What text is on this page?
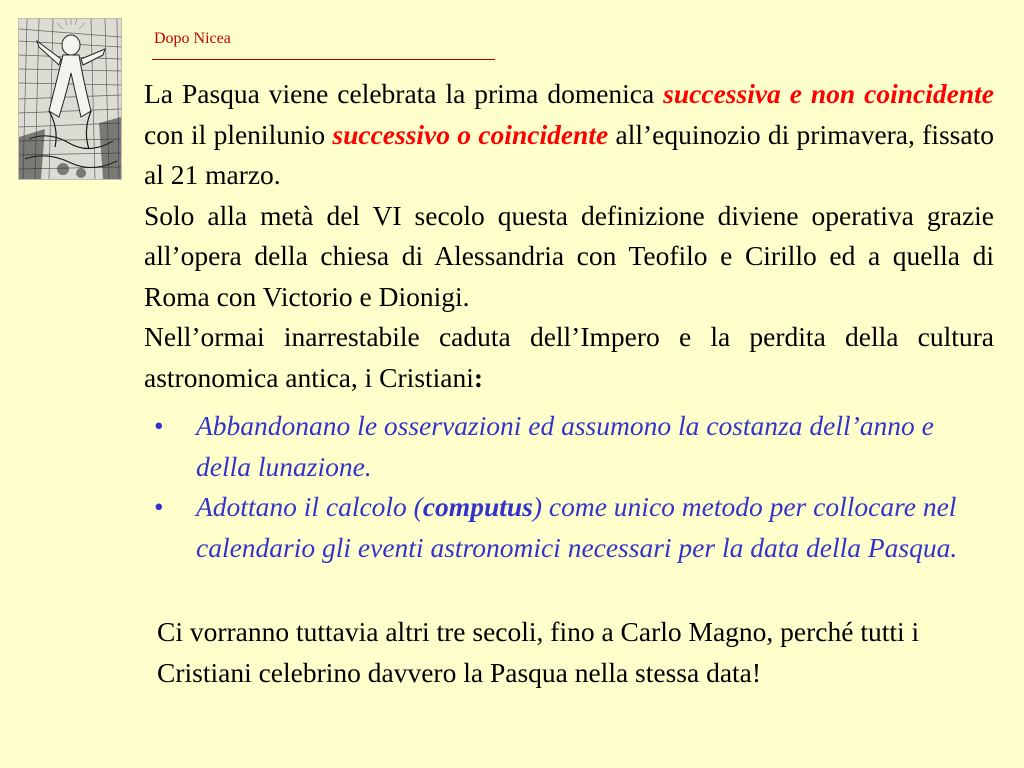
Dopo Nicea

La Pasqua viene celebrata la prima domenica successiva e non coincidente con il plenilunio successivo o coincidente all’equinozio di primavera, fissato al 21 marzo.

Solo alla metà del VI secolo questa definizione diviene operativa grazie all’opera della chiesa di Alessandria con Teofilo e Cirillo ed a quella di Roma con Victorio e Dionigi.

Nell’ormai inarrestabile caduta dell’Impero e la perdita della cultura astronomica antica, i Cristiani:

• Abbandonano le osservazioni ed assumono la costanza dell’anno e della lunazione.
• Adottano il calcolo (computus) come unico metodo per collocare nel calendario gli eventi astronomici necessari per la data della Pasqua.

Ci vorranno tuttavia altri tre secoli, fino a Carlo Magno, perché tutti i Cristiani celebrino davvero la Pasqua nella stessa data!
